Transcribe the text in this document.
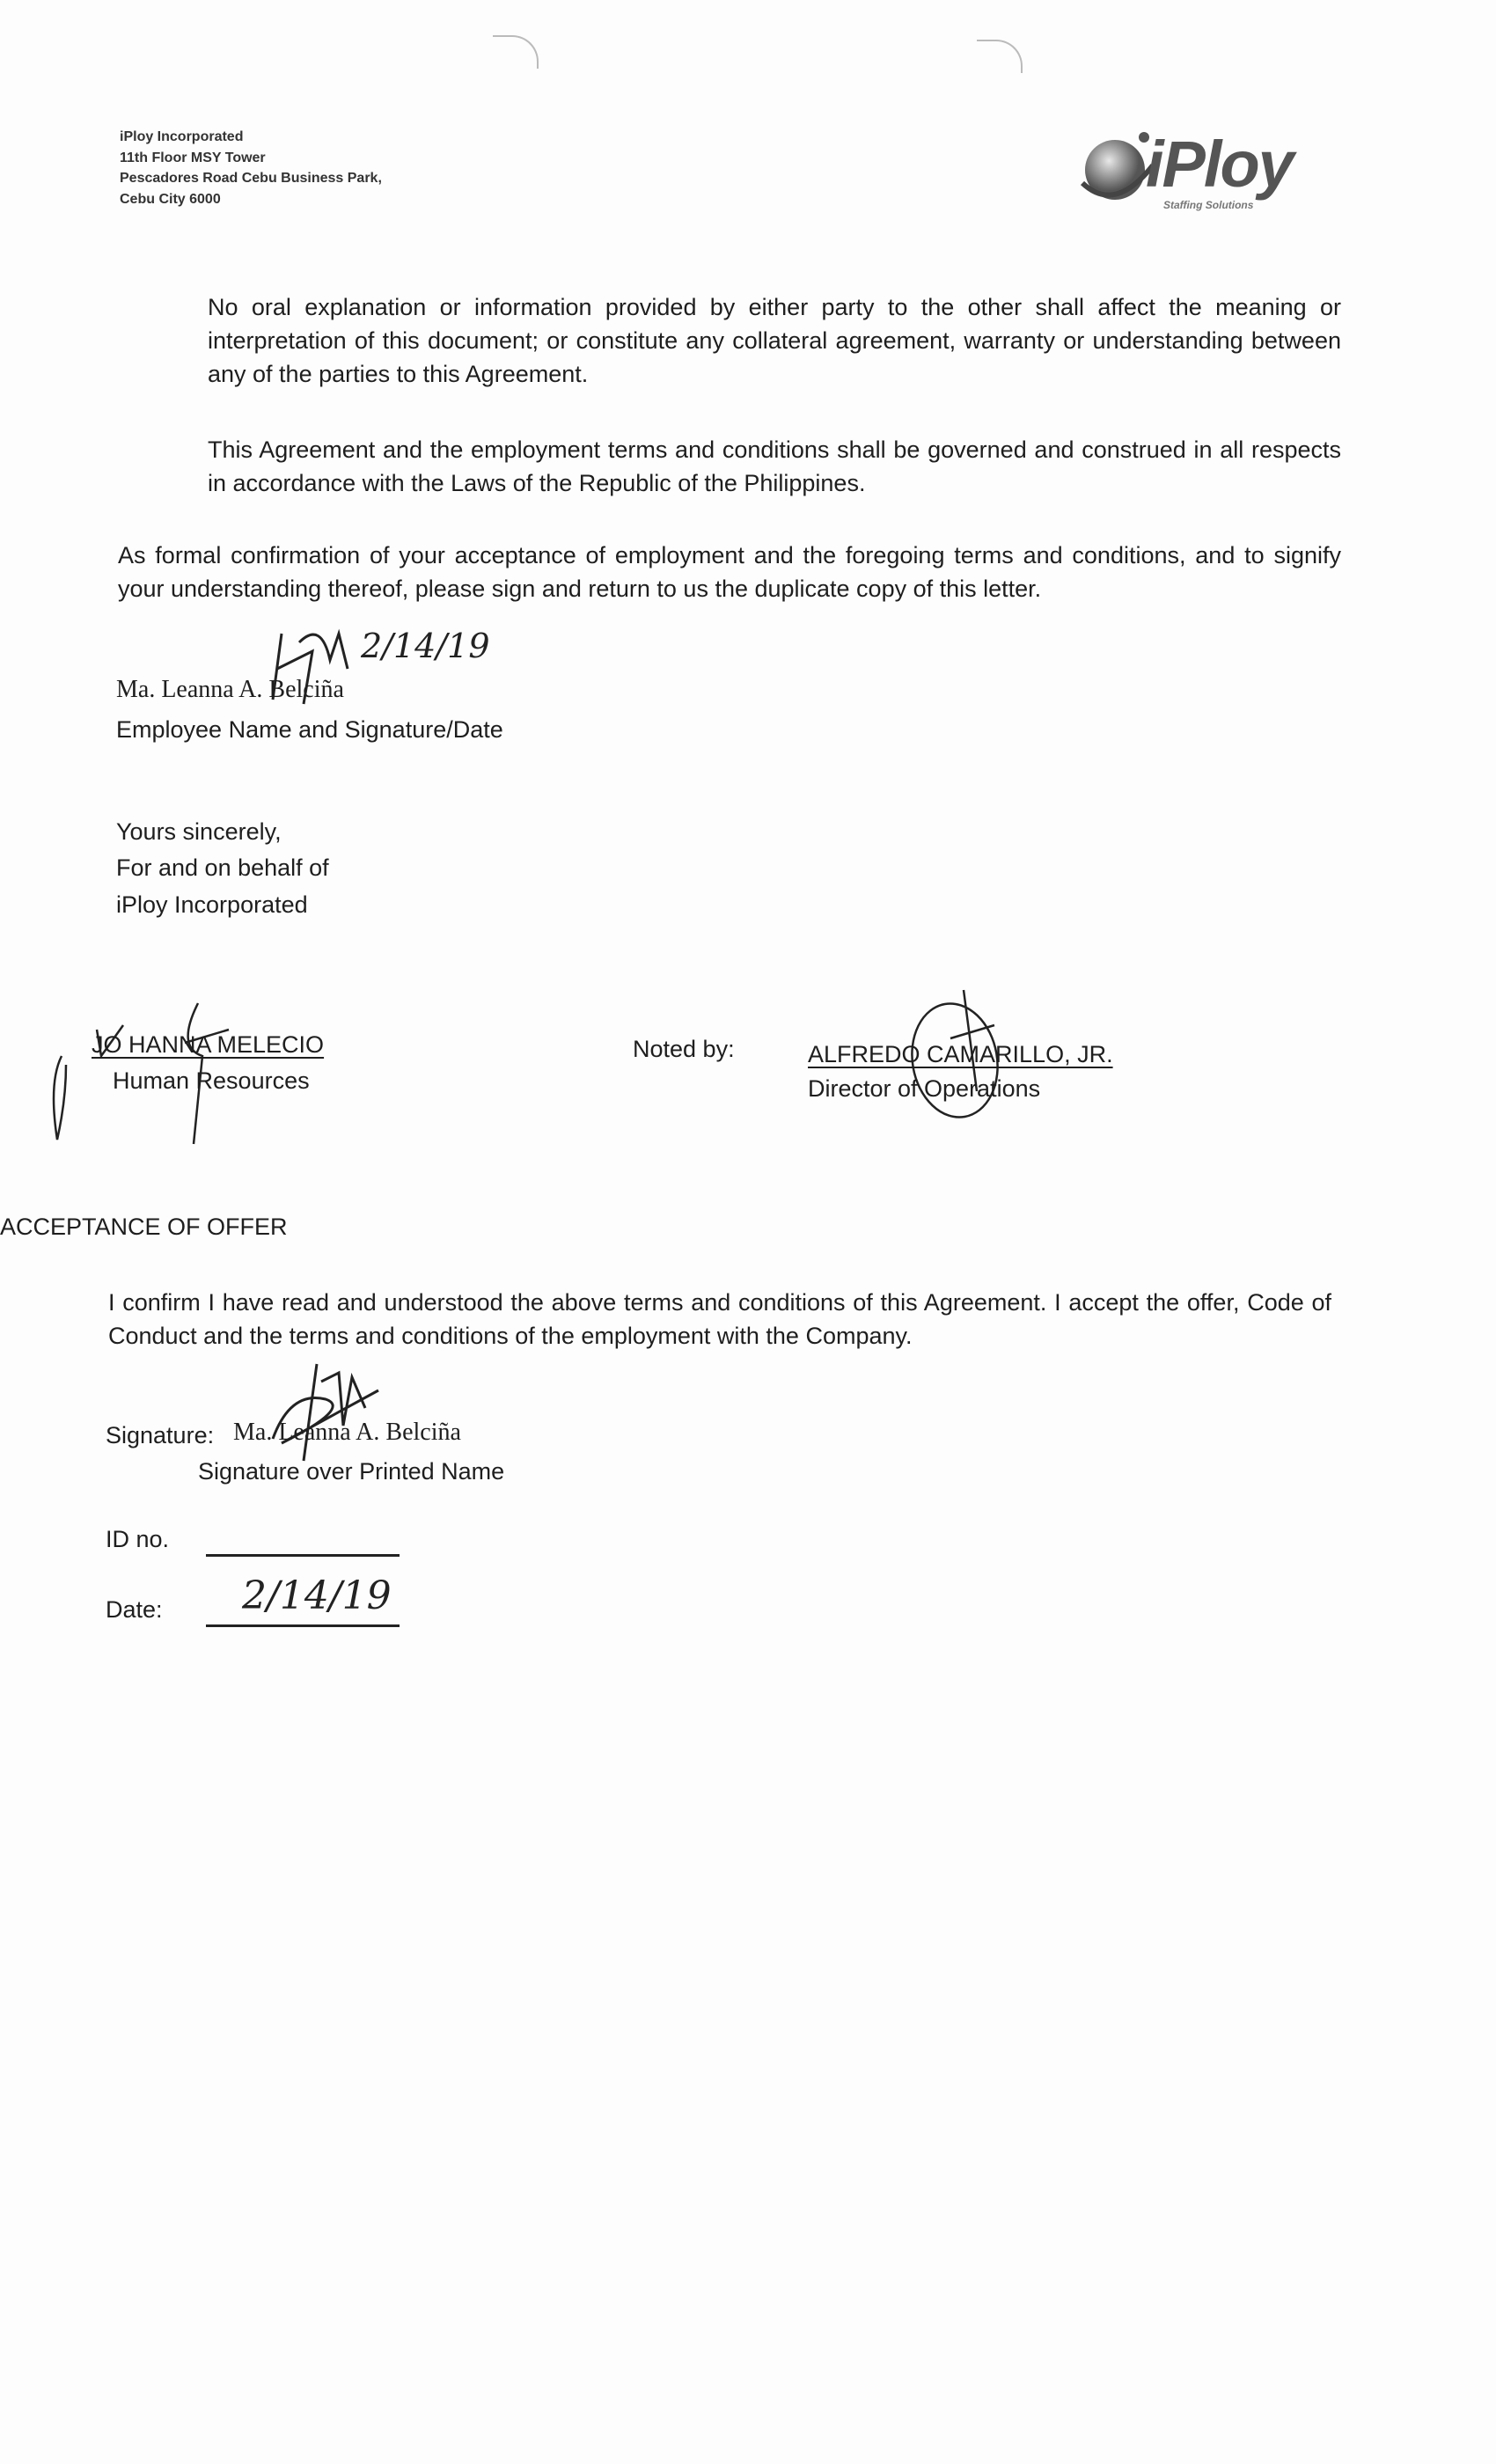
iPloy Incorporated
11th Floor MSY Tower
Pescadores Road Cebu Business Park,
Cebu City 6000	iPloy
Staffing Solutions
No oral explanation or information provided by either party to the other shall affect the meaning or interpretation of this document; or constitute any collateral agreement, warranty or understanding between any of the parties to this Agreement.
This Agreement and the employment terms and conditions shall be governed and construed in all respects in accordance with the Laws of the Republic of the Philippines.
As formal confirmation of your acceptance of employment and the foregoing terms and conditions, and to signify your understanding thereof, please sign and return to us the duplicate copy of this letter.
2/14/19
Ma. Leanna A. Belciña
Employee Name and Signature/Date
Yours sincerely,
For and on behalf of
iPloy Incorporated
JO HANNA MELECIO
Human Resources
Noted by:	ALFREDO CAMARILLO, JR.
Director of Operations
ACCEPTANCE OF OFFER
I confirm I have read and understood the above terms and conditions of this Agreement. I accept the offer, Code of Conduct and the terms and conditions of the employment with the Company.
Signature: Ma. Leanna A. Belciña
Signature over Printed Name
ID no.
Date: 2/14/19
